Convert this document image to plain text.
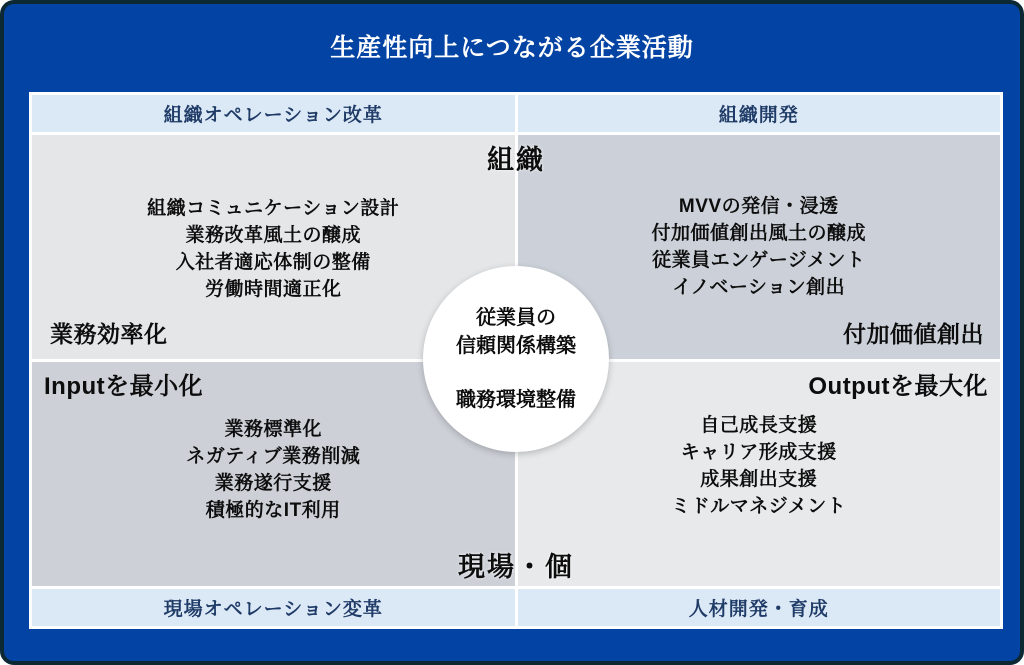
生産性向上につながる企業活動
組織オペレーション改革	組織開発
組織コミュニケーション設計
業務改革風土の醸成
入社者適応体制の整備
労働時間適正化
業務効率化
MVVの発信・浸透
付加価値創出風土の醸成
従業員エンゲージメント
イノベーション創出
付加価値創出
業務標準化
ネガティブ業務削減
業務遂行支援
積極的なIT利用
Inputを最小化
自己成長支援
キャリア形成支援
成果創出支援
ミドルマネジメント
Outputを最大化
現場オペレーション変革	人材開発・育成
組織
現場・個
従業員の
信頼関係構築
職務環境整備
